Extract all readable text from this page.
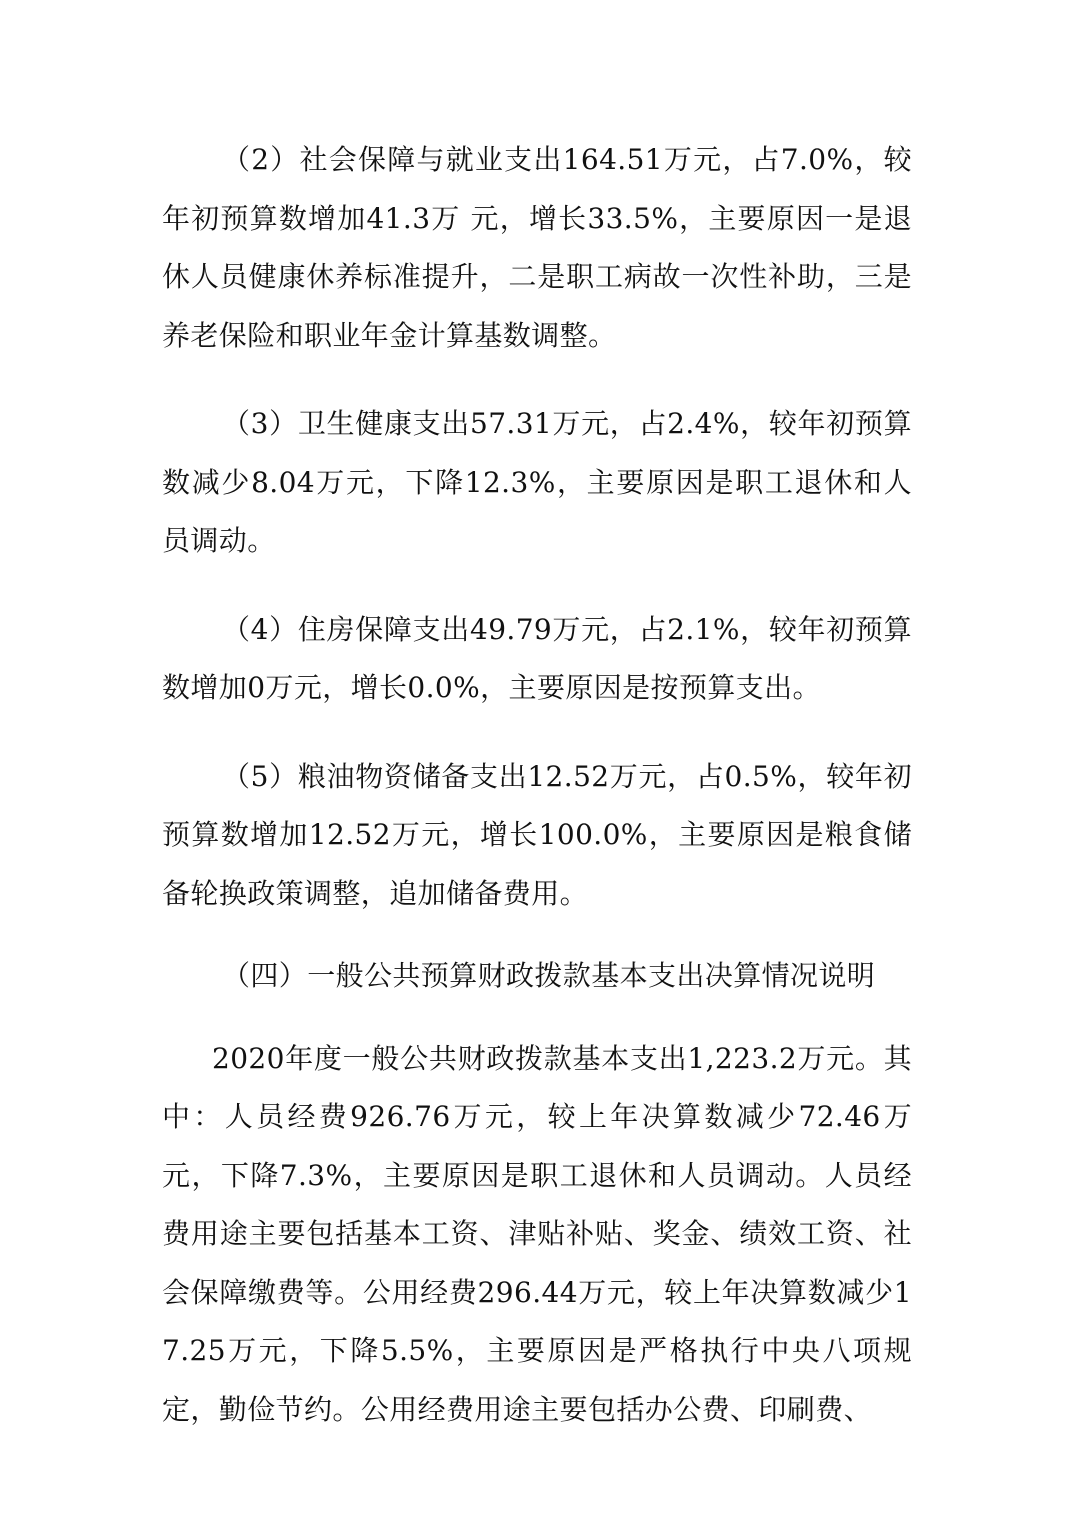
（2）社会保障与就业支出164.51万元，占7.0%，较年初预算数增加41.3万 元，增长33.5%，主要原因一是退休人员健康休养标准提升，二是职工病故一次性补助，三是养老保险和职业年金计算基数调整。

（3）卫生健康支出57.31万元，占2.4%，较年初预算数减少8.04万元，下降12.3%，主要原因是职工退休和人员调动。

（4）住房保障支出49.79万元，占2.1%，较年初预算数增加0万元，增长0.0%，主要原因是按预算支出。

（5）粮油物资储备支出12.52万元，占0.5%，较年初预算数增加12.52万元，增长100.0%，主要原因是粮食储备轮换政策调整，追加储备费用。

（四）一般公共预算财政拨款基本支出决算情况说明

2020年度一般公共财政拨款基本支出1,223.2万元。其中：人员经费926.76万元，较上年决算数减少72.46万 元，下降7.3%，主要原因是职工退休和人员调动。人员经费用途主要包括基本工资、津贴补贴、奖金、绩效工资、社会保障缴费等。公用经费296.44万元，较上年决算数减少17.25万元，下降5.5%，主要原因是严格执行中央八项规定，勤俭节约。公用经费用途主要包括办公费、印刷费、
